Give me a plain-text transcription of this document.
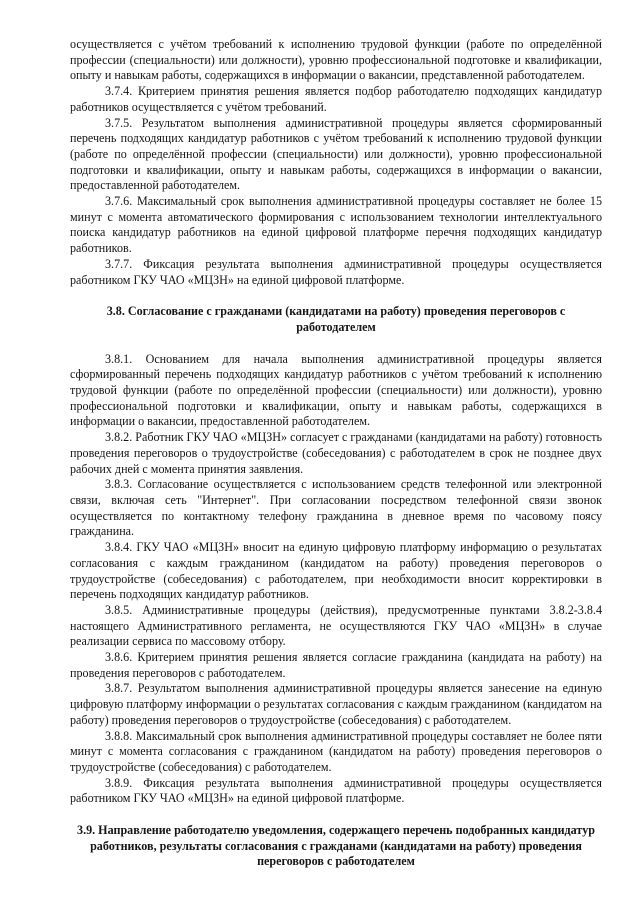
осуществляется с учётом требований к исполнению трудовой функции (работе по определённой профессии (специальности) или должности), уровню профессиональной подготовке и квалификации, опыту и навыкам работы, содержащихся в информации о вакансии, представленной работодателем.

3.7.4. Критерием принятия решения является подбор работодателю подходящих кандидатур работников осуществляется с учётом требований.

3.7.5. Результатом выполнения административной процедуры является сформированный перечень подходящих кандидатур работников с учётом требований к исполнению трудовой функции (работе по определённой профессии (специальности) или должности), уровню профессиональной подготовки и квалификации, опыту и навыкам работы, содержащихся в информации о вакансии, предоставленной работодателем.

3.7.6. Максимальный срок выполнения административной процедуры составляет не более 15 минут с момента автоматического формирования с использованием технологии интеллектуального поиска кандидатур работников на единой цифровой платформе перечня подходящих кандидатур работников.

3.7.7. Фиксация результата выполнения административной процедуры осуществляется работником ГКУ ЧАО «МЦЗН» на единой цифровой платформе.

3.8. Согласование с гражданами (кандидатами на работу) проведения переговоров с работодателем

3.8.1. Основанием для начала выполнения административной процедуры является сформированный перечень подходящих кандидатур работников с учётом требований к исполнению трудовой функции (работе по определённой профессии (специальности) или должности), уровню профессиональной подготовки и квалификации, опыту и навыкам работы, содержащихся в информации о вакансии, предоставленной работодателем.

3.8.2. Работник ГКУ ЧАО «МЦЗН» согласует с гражданами (кандидатами на работу) готовность проведения переговоров о трудоустройстве (собеседования) с работодателем в срок не позднее двух рабочих дней с момента принятия заявления.

3.8.3. Согласование осуществляется с использованием средств телефонной или электронной связи, включая сеть "Интернет". При согласовании посредством телефонной связи звонок осуществляется по контактному телефону гражданина в дневное время по часовому поясу гражданина.

3.8.4. ГКУ ЧАО «МЦЗН» вносит на единую цифровую платформу информацию о результатах согласования с каждым гражданином (кандидатом на работу) проведения переговоров о трудоустройстве (собеседования) с работодателем, при необходимости вносит корректировки в перечень подходящих кандидатур работников.

3.8.5. Административные процедуры (действия), предусмотренные пунктами 3.8.2-3.8.4 настоящего Административного регламента, не осуществляются ГКУ ЧАО «МЦЗН» в случае реализации сервиса по массовому отбору.

3.8.6. Критерием принятия решения является согласие гражданина (кандидата на работу) на проведения переговоров с работодателем.

3.8.7. Результатом выполнения административной процедуры является занесение на единую цифровую платформу информации о результатах согласования с каждым гражданином (кандидатом на работу) проведения переговоров о трудоустройстве (собеседования) с работодателем.

3.8.8. Максимальный срок выполнения административной процедуры составляет не более пяти минут с момента согласования с гражданином (кандидатом на работу) проведения переговоров о трудоустройстве (собеседования) с работодателем.

3.8.9. Фиксация результата выполнения административной процедуры осуществляется работником ГКУ ЧАО «МЦЗН» на единой цифровой платформе.

3.9. Направление работодателю уведомления, содержащего перечень подобранных кандидатур работников, результаты согласования с гражданами (кандидатами на работу) проведения переговоров с работодателем
